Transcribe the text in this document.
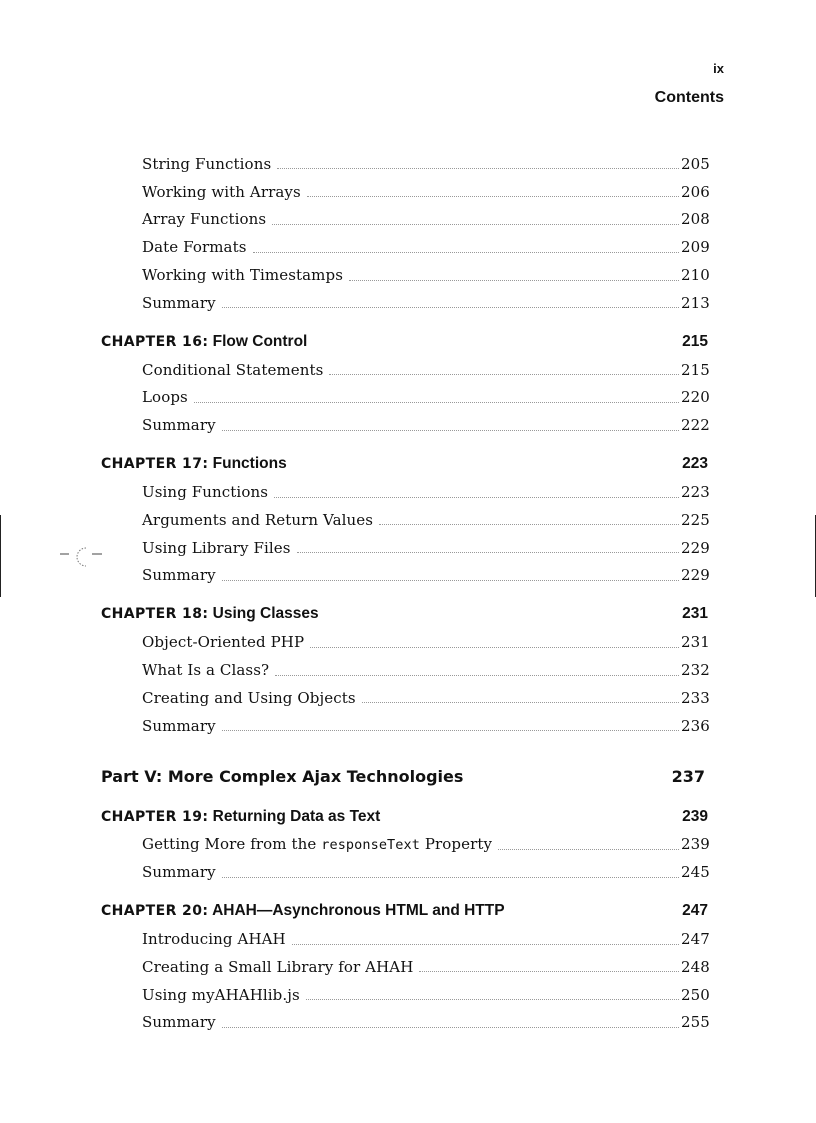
ix
Contents
String Functions	205
Working with Arrays	206
Array Functions	208
Date Formats	209
Working with Timestamps	210
Summary	213
CHAPTER 16: Flow Control	215
Conditional Statements	215
Loops	220
Summary	222
CHAPTER 17: Functions	223
Using Functions	223
Arguments and Return Values	225
Using Library Files	229
Summary	229
CHAPTER 18: Using Classes	231
Object-Oriented PHP	231
What Is a Class?	232
Creating and Using Objects	233
Summary	236
Part V: More Complex Ajax Technologies	237
CHAPTER 19: Returning Data as Text	239
Getting More from the responseText Property	239
Summary	245
CHAPTER 20: AHAH—Asynchronous HTML and HTTP	247
Introducing AHAH	247
Creating a Small Library for AHAH	248
Using myAHAHlib.js	250
Summary	255
